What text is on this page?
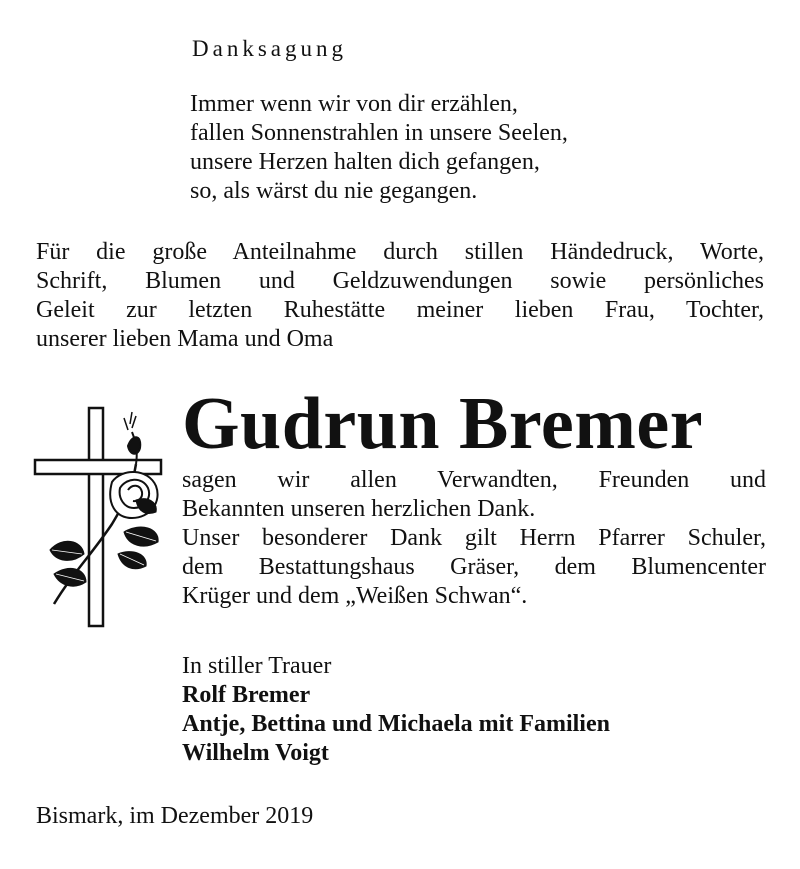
Danksagung
Immer wenn wir von dir erzählen,
fallen Sonnenstrahlen in unsere Seelen,
unsere Herzen halten dich gefangen,
so, als wärst du nie gegangen.
Für die große Anteilnahme durch stillen Händedruck, Worte,
Schrift, Blumen und Geldzuwendungen sowie persönliches
Geleit zur letzten Ruhestätte meiner lieben Frau, Tochter,
unserer lieben Mama und Oma
Gudrun Bremer
sagen wir allen Verwandten, Freunden und
Bekannten unseren herzlichen Dank.
Unser besonderer Dank gilt Herrn Pfarrer Schuler,
dem Bestattungshaus Gräser, dem Blumencenter
Krüger und dem „Weißen Schwan“.
In stiller Trauer
Rolf Bremer
Antje, Bettina und Michaela mit Familien
Wilhelm Voigt
Bismark, im Dezember 2019
